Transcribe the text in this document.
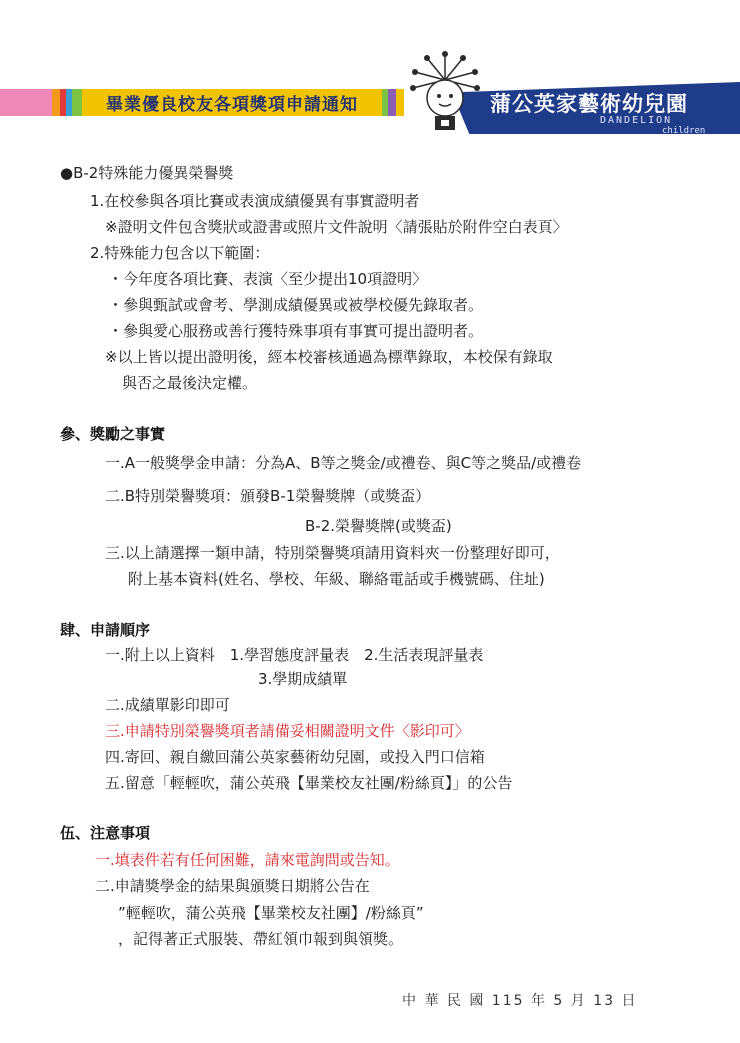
畢業優良校友各項獎項申請通知	蒲公英家藝術幼兒園
DANDELION
children
●B-2特殊能力優異榮譽獎
1.在校參與各項比賽或表演成績優異有事實證明者
※證明文件包含獎狀或證書或照片文件說明〈請張貼於附件空白表頁〉
2.特殊能力包含以下範圍：
・今年度各項比賽、表演〈至少提出10項證明〉
・參與甄試或會考、學測成績優異或被學校優先錄取者。
・參與愛心服務或善行獲特殊事項有事實可提出證明者。
※以上皆以提出證明後，經本校審核通過為標準錄取，本校保有錄取
與否之最後決定權。
參、獎勵之事實
一.A一般獎學金申請：分為A、B等之獎金/或禮卷、與C等之獎品/或禮卷
二.B特別榮譽獎項：頒發B-1榮譽獎牌（或獎盃）
B-2.榮譽獎牌(或獎盃)
三.以上請選擇一類申請，特別榮譽獎項請用資料夾一份整理好即可，
附上基本資料(姓名、學校、年級、聯絡電話或手機號碼、住址)
肆、申請順序
一.附上以上資料　1.學習態度評量表　2.生活表現評量表
3.學期成績單
二.成績單影印即可
三.申請特別榮譽獎項者請備妥相關證明文件〈影印可〉
四.寄回、親自繳回蒲公英家藝術幼兒園，或投入門口信箱
五.留意「輕輕吹，蒲公英飛【畢業校友社團/粉絲頁】」的公告
伍、注意事項
一.填表件若有任何困難，請來電詢問或告知。
二.申請獎學金的結果與頒獎日期將公告在
”輕輕吹，蒲公英飛【畢業校友社團】/粉絲頁”
，記得著正式服裝、帶紅領巾報到與領獎。
中 華 民 國 115 年 5 月 13 日
